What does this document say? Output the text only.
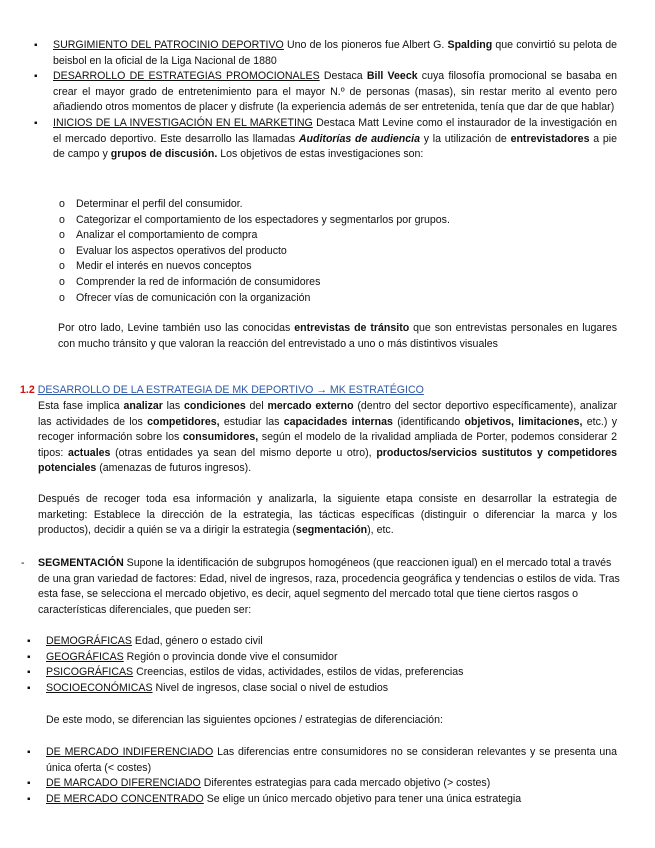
▪ SURGIMIENTO DEL PATROCINIO DEPORTIVO Uno de los pioneros fue Albert G. Spalding que convirtió su pelota de beisbol en la oficial de la Liga Nacional de 1880
▪ DESARROLLO DE ESTRATEGIAS PROMOCIONALES Destaca Bill Veeck cuya filosofía promocional se basaba en crear el mayor grado de entretenimiento para el mayor N.º de personas (masas), sin restar merito al evento pero añadiendo otros momentos de placer y disfrute (la experiencia además de ser entretenida, tenía que dar de que hablar)
▪ INICIOS DE LA INVESTIGACIÓN EN EL MARKETING Destaca Matt Levine como el instaurador de la investigación en el mercado deportivo. Este desarrollo las llamadas Auditorías de audiencia y la utilización de entrevistadores a pie de campo y grupos de discusión. Los objetivos de estas investigaciones son:
o Determinar el perfil del consumidor.
o Categorizar el comportamiento de los espectadores y segmentarlos por grupos.
o Analizar el comportamiento de compra
o Evaluar los aspectos operativos del producto
o Medir el interés en nuevos conceptos
o Comprender la red de información de consumidores
o Ofrecer vías de comunicación con la organización

Por otro lado, Levine también uso las conocidas entrevistas de tránsito que son entrevistas personales en lugares con mucho tránsito y que valoran la reacción del entrevistado a uno o más distintivos visuales

1.2 DESARROLLO DE LA ESTRATEGIA DE MK DEPORTIVO → MK ESTRATÉGICO

Esta fase implica analizar las condiciones del mercado externo (dentro del sector deportivo específicamente), analizar las actividades de los competidores, estudiar las capacidades internas (identificando objetivos, limitaciones, etc.) y recoger información sobre los consumidores, según el modelo de la rivalidad ampliada de Porter, podemos considerar 2 tipos: actuales (otras entidades ya sean del mismo deporte u otro), productos/servicios sustitutos y competidores potenciales (amenazas de futuros ingresos).

Después de recoger toda esa información y analizarla, la siguiente etapa consiste en desarrollar la estrategia de marketing: Establece la dirección de la estrategia, las tácticas específicas (distinguir o diferenciar la marca y los productos), decidir a quién se va a dirigir la estrategia (segmentación), etc.

- SEGMENTACIÓN Supone la identificación de subgrupos homogéneos (que reaccionen igual) en el mercado total a través de una gran variedad de factores: Edad, nivel de ingresos, raza, procedencia geográfica y tendencias o estilos de vida. Tras esta fase, se selecciona el mercado objetivo, es decir, aquel segmento del mercado total que tiene ciertos rasgos o características diferenciales, que pueden ser:

▪ DEMOGRÁFICAS Edad, género o estado civil
▪ GEOGRÁFICAS Región o provincia donde vive el consumidor
▪ PSICOGRÁFICAS Creencias, estilos de vidas, actividades, estilos de vidas, preferencias
▪ SOCIOECONÓMICAS Nivel de ingresos, clase social o nivel de estudios

De este modo, se diferencian las siguientes opciones / estrategias de diferenciación:

▪ DE MERCADO INDIFERENCIADO Las diferencias entre consumidores no se consideran relevantes y se presenta una única oferta (< costes)
▪ DE MARCADO DIFERENCIADO Diferentes estrategias para cada mercado objetivo (> costes)
▪ DE MERCADO CONCENTRADO Se elige un único mercado objetivo para tener una única estrategia
